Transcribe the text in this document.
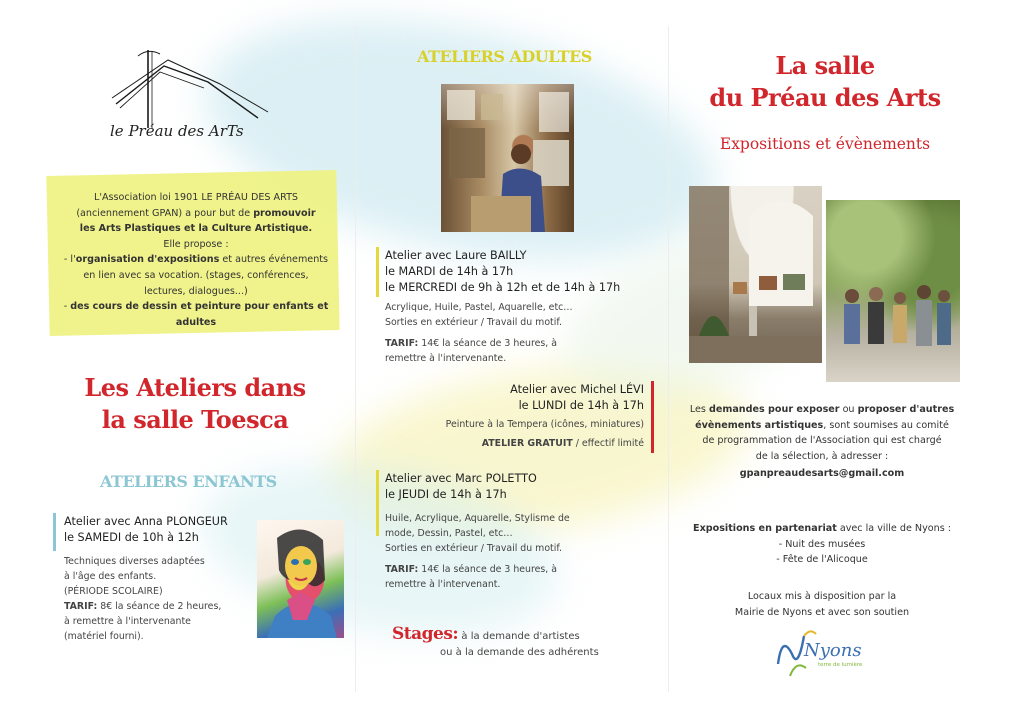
le Préau des ArTs
L'Association loi 1901 LE PRÉAU DES ARTS
(anciennement GPAN) a pour but de promouvoir
les Arts Plastiques et la Culture Artistique.
Elle propose :
- l'organisation d'expositions et autres événements
en lien avec sa vocation. (stages, conférences,
lectures, dialogues...)
- des cours de dessin et peinture pour enfants et
adultes
Les Ateliers dans
la salle Toesca
ATELIERS ENFANTS
Atelier avec Anna PLONGEUR
le SAMEDI de 10h à 12h
Techniques diverses adaptées
à l'âge des enfants.
(PÉRIODE SCOLAIRE)
TARIF: 8€ la séance de 2 heures,
à remettre à l'intervenante
(matériel fourni).
ATELIERS ADULTES
Atelier avec Laure BAILLY
le MARDI de 14h à 17h
le MERCREDI de 9h à 12h et de 14h à 17h
Acrylique, Huile, Pastel, Aquarelle, etc…
Sorties en extérieur / Travail du motif.
TARIF: 14€ la séance de 3 heures, à
remettre à l'intervenante.
Atelier avec Michel LÉVI
le LUNDI de 14h à 17h
Peinture à la Tempera (icônes, miniatures)
ATELIER GRATUIT / effectif limité
Atelier avec Marc POLETTO
le JEUDI de 14h à 17h
Huile, Acrylique, Aquarelle, Stylisme de
mode, Dessin, Pastel, etc…
Sorties en extérieur / Travail du motif.
TARIF: 14€ la séance de 3 heures, à
remettre à l'intervenant.
Stages: à la demande d'artistes
ou à la demande des adhérents
La salle
du Préau des Arts
Expositions et évènements
Les demandes pour exposer ou proposer d'autres
évènements artistiques, sont soumises au comité
de programmation de l'Association qui est chargé
de la sélection, à adresser :
gpanpreaudesarts@gmail.com
Expositions en partenariat avec la ville de Nyons :
- Nuit des musées
- Fête de l'Alicoque
Locaux mis à disposition par la
Mairie de Nyons et avec son soutien
Nyons
terre de lumière
